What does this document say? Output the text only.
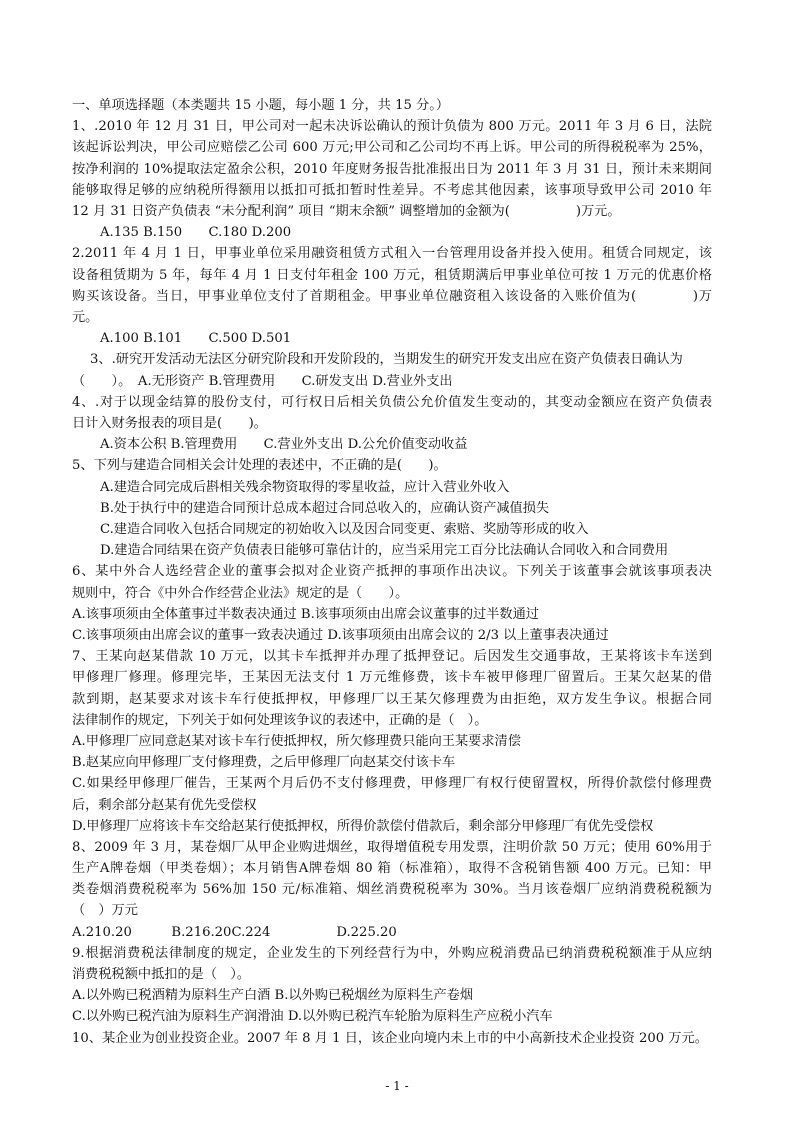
一、单项选择题（本类题共 15 小题，每小题 1 分，共 15 分。）
1、.2010 年 12 月 31 日，甲公司对一起未决诉讼确认的预计负债为 800 万元。2011 年 3 月 6 日，法院
该起诉讼判决，甲公司应赔偿乙公司 600 万元;甲公司和乙公司均不再上诉。甲公司的所得税税率为 25%，
按净利润的 10%提取法定盈余公积，2010 年度财务报告批准报出日为 2011 年 3 月 31 日，预计未来期间
能够取得足够的应纳税所得额用以抵扣可抵扣暂时性差异。不考虑其他因素，该事项导致甲公司 2010 年
12 月 31 日资产负债表 “未分配利润” 项目 “期末余额” 调整增加的金额为(　　　　　)万元。
A.135 B.150　　C.180 D.200
2.2011 年 4 月 1 日，甲事业单位采用融资租赁方式租入一台管理用设备并投入使用。租赁合同规定，该
设备租赁期为 5 年，每年 4 月 1 日支付年租金 100 万元，租赁期满后甲事业单位可按 1 万元的优惠价格
购买该设备。当日，甲事业单位支付了首期租金。甲事业单位融资租入该设备的入账价值为(　　　　)万
元。
A.100 B.101　　C.500 D.501
3、.研究开发活动无法区分研究阶段和开发阶段的，当期发生的研究开发支出应在资产负债表日确认为
（　　）。　A.无形资产 B.管理费用　　C.研发支出 D.营业外支出
4、.对于以现金结算的股份支付，可行权日后相关负债公允价值发生变动的，其变动金额应在资产负债表
日计入财务报表的项目是(　　)。
A.资本公积 B.管理费用　　C.营业外支出 D.公允价值变动收益
5、下列与建造合同相关会计处理的表述中，不正确的是(　　)。
A.建造合同完成后斟相关残余物资取得的零星收益，应计入营业外收入
B.处于执行中的建造合同预计总成本超过合同总收入的，应确认资产减值损失
C.建造合同收入包括合同规定的初始收入以及因合同变更、索赔、奖励等形成的收入
D.建造合同结果在资产负债表日能够可靠估计的，应当采用完工百分比法确认合同收入和合同费用
6、某中外合人选经营企业的董事会拟对企业资产抵押的事项作出决议。下列关于该董事会就该事项表决
规则中，符合《中外合作经营企业法》规定的是（　　）。
A.该事项须由全体董事过半数表决通过 B.该事项须由出席会议董事的过半数通过
C.该事项须由出席会议的董事一致表决通过 D.该事项须由出席会议的 2/3 以上董事表决通过
7、王某向赵某借款 10 万元，以其卡车抵押并办理了抵押登记。后因发生交通事故，王某将该卡车送到
甲修理厂修理。修理完毕，王某因无法支付 1 万元维修费，该卡车被甲修理厂留置后。王某欠赵某的借
款到期，赵某要求对该卡车行使抵押权，甲修理厂以王某欠修理费为由拒绝，双方发生争议。根据合同
法律制作的规定，下列关于如何处理该争议的表述中，正确的是（　）。
A.甲修理厂应同意赵某对该卡车行使抵押权，所欠修理费只能向王某要求清偿
B.赵某应向甲修理厂支付修理费，之后甲修理厂向赵某交付该卡车
C.如果经甲修理厂催告，王某两个月后仍不支付修理费，甲修理厂有权行使留置权，所得价款偿付修理费
后，剩余部分赵某有优先受偿权
D.甲修理厂应将该卡车交给赵某行使抵押权，所得价款偿付借款后，剩余部分甲修理厂有优先受偿权
8、2009 年 3 月，某卷烟厂从甲企业购进烟丝，取得增值税专用发票，注明价款 50 万元；使用 60%用于
生产A牌卷烟（甲类卷烟）；本月销售A牌卷烟 80 箱（标准箱），取得不含税销售额 400 万元。已知：甲
类卷烟消费税税率为 56%加 150 元/标准箱、烟丝消费税税率为 30%。当月该卷烟厂应纳消费税税额为
（　）万元
A.210.20　　　B.216.20C.224　　　　　D.225.20
9.根据消费税法律制度的规定，企业发生的下列经营行为中，外购应税消费品已纳消费税税额准于从应纳
消费税税额中抵扣的是（　）。
A.以外购已税酒精为原料生产白酒 B.以外购已税烟丝为原料生产卷烟
C.以外购已税汽油为原料生产润滑油 D.以外购已税汽车轮胎为原料生产应税小汽车
10、某企业为创业投资企业。2007 年 8 月 1 日，该企业向境内未上市的中小高新技术企业投资 200 万元。
- 1 -
